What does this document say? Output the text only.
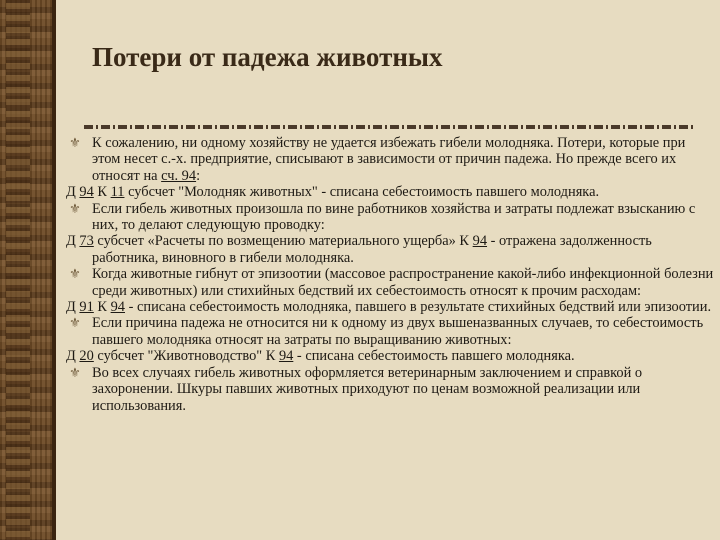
Потери от падежа животных
⚜ К сожалению, ни одному хозяйству не удается избежать гибели молодняка. Потери, которые при этом несет с.-х. предприятие, списывают в зависимости от причин падежа. Но прежде всего их относят на сч. 94:
Д 94 К 11 субсчет "Молодняк животных" - списана себестоимость павшего молодняка.
⚜ Если гибель животных произошла по вине работников хозяйства и затраты подлежат взысканию с них, то делают следующую проводку:
Д 73 субсчет «Расчеты по возмещению материального ущерба» К 94 - отражена задолженность работника, виновного в гибели молодняка.
⚜ Когда животные гибнут от эпизоотии (массовое распространение какой-либо инфекционной болезни среди животных) или стихийных бедствий их себестоимость относят к прочим расходам:
Д 91 К 94 - списана себестоимость молодняка, павшего в результате стихийных бедствий или эпизоотии.
⚜ Если причина падежа не относится ни к одному из двух вышеназванных случаев, то себестоимость павшего молодняка относят на затраты по выращиванию животных:
Д 20 субсчет "Животноводство" К 94 - списана себестоимость павшего молодняка.
⚜ Во всех случаях гибель животных оформляется ветеринарным заключением и справкой о захоронении. Шкуры павших животных приходуют по ценам возможной реализации или использования.
